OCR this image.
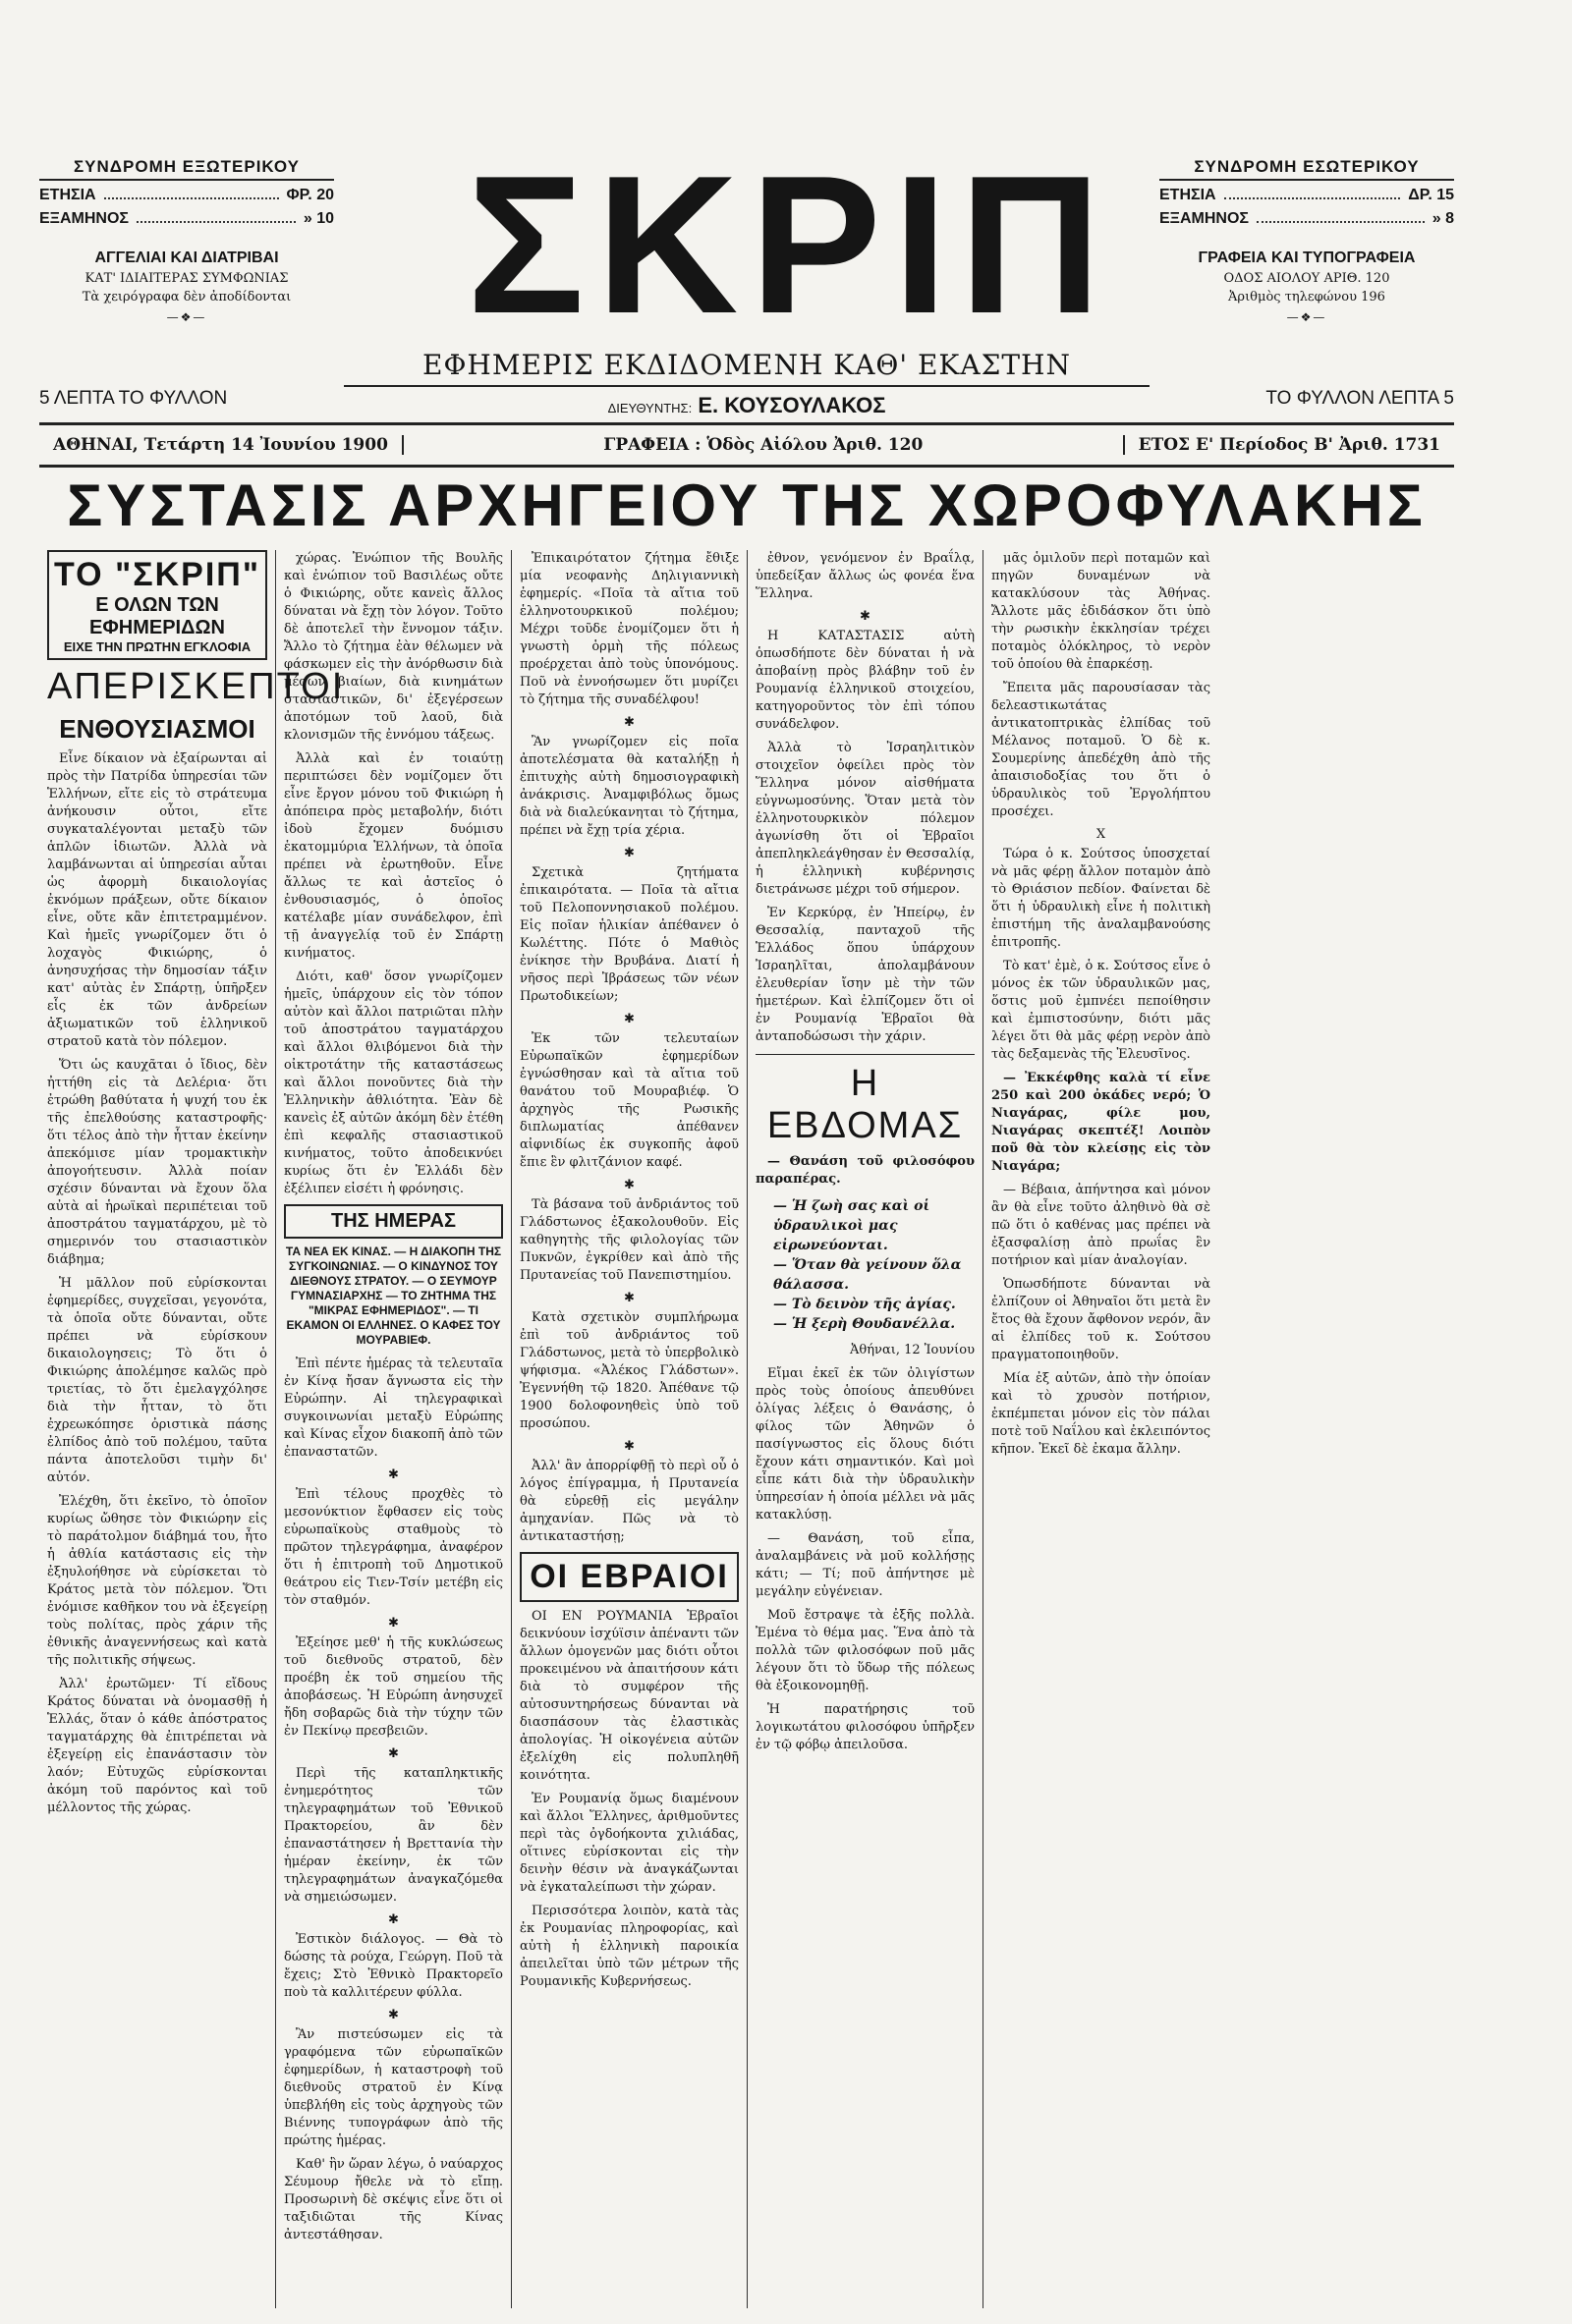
ΣΥΝΔΡΟΜΗ ΕΞΩΤΕΡΙΚΟΥ
ΕΤΗΣΙΑ	ΦΡ. 20
ΕΞΑΜΗΝΟΣ	» 10
ΑΓΓΕΛΙΑΙ ΚΑΙ ΔΙΑΤΡΙΒΑΙ
ΚΑΤ' ΙΔΙΑΙΤΕΡΑΣ ΣΥΜΦΩΝΙΑΣ
Τὰ χειρόγραφα δὲν ἀποδίδονται
—❖—
5 ΛΕΠΤΑ ΤΟ ΦΥΛΛΟΝ
ΣΚΡΙΠ
ΕΦΗΜΕΡΙΣ ΕΚΔΙΔΟΜΕΝΗ ΚΑΘ' ΕΚΑΣΤΗΝ
ΔΙΕΥΘΥΝΤΗΣ: Ε. ΚΟΥΣΟΥΛΑΚΟΣ
ΣΥΝΔΡΟΜΗ ΕΣΩΤΕΡΙΚΟΥ
ΕΤΗΣΙΑ	ΔΡ. 15
ΕΞΑΜΗΝΟΣ	» 8
ΓΡΑΦΕΙΑ ΚΑΙ ΤΥΠΟΓΡΑΦΕΙΑ
ΟΔΟΣ ΑΙΟΛΟΥ ΑΡΙΘ. 120
Ἀριθμὸς τηλεφώνου 196
—❖—
ΤΟ ΦΥΛΛΟΝ ΛΕΠΤΑ 5
ΑΘΗΝΑΙ, Τετάρτη 14 Ἰουνίου 1900	ΓΡΑΦΕΙΑ : Ὁδὸς Αἰόλου Ἀριθ. 120	ΕΤΟΣ Ε' Περίοδος Β' Ἀριθ. 1731
ΣΥΣΤΑΣΙΣ ΑΡΧΗΓΕΙΟΥ ΤΗΣ ΧΩΡΟΦΥΛΑΚΗΣ
ΤΟ "ΣΚΡΙΠ"
Ε ΟΛΩΝ ΤΩΝ ΕΦΗΜΕΡΙΔΩΝ
ΕΙΧΕ ΤΗΝ ΠΡΩΤΗΝ ΕΓΚΛΟΦΙΑ
ΑΠΕΡΙΣΚΕΠΤΟΙ
ΕΝΘΟΥΣΙΑΣΜΟΙ

Εἶνε δίκαιον νὰ ἐξαίρωνται αἱ πρὸς τὴν Πατρίδα ὑπηρεσίαι τῶν Ἑλλήνων, εἴτε εἰς τὸ στράτευμα ἀνήκουσιν οὗτοι, εἴτε συγκαταλέγονται μεταξὺ τῶν ἁπλῶν ἰδιωτῶν. Ἀλλὰ νὰ λαμβάνωνται αἱ ὑπηρεσίαι αὗται ὡς ἀφορμὴ δικαιολογίας ἐκνόμων πράξεων, οὔτε δίκαιον εἶνε, οὔτε κἂν ἐπιτετραμμένον. Καὶ ἡμεῖς γνωρίζομεν ὅτι ὁ λοχαγὸς Φικιώρης, ὁ ἀνησυχήσας τὴν δημοσίαν τάξιν κατ' αὐτὰς ἐν Σπάρτῃ, ὑπῆρξεν εἷς ἐκ τῶν ἀνδρείων ἀξιωματικῶν τοῦ ἑλληνικοῦ στρατοῦ κατὰ τὸν πόλεμον.

Ὅτι ὡς καυχᾶται ὁ ἴδιος, δὲν ἠττήθη εἰς τὰ Δελέρια· ὅτι ἐτρώθη βαθύτατα ἡ ψυχή του ἐκ τῆς ἐπελθούσης καταστροφῆς· ὅτι τέλος ἀπὸ τὴν ἧτταν ἐκείνην ἀπεκόμισε μίαν τρομακτικὴν ἀπογοήτευσιν. Ἀλλὰ ποίαν σχέσιν δύνανται νὰ ἔχουν ὅλα αὐτὰ αἱ ἡρωϊκαὶ περιπέτειαι τοῦ ἀποστράτου ταγματάρχου, μὲ τὸ σημερινόν του στασιαστικὸν διάβημα;

Ἡ μᾶλλον ποῦ εὑρίσκονται ἐφημερίδες, συγχεῖσαι, γεγονότα, τὰ ὁποῖα οὔτε δύνανται, οὔτε πρέπει νὰ εὑρίσκουν δικαιολογησεις; Τὸ ὅτι ὁ Φικιώρης ἀπολέμησε καλῶς πρὸ τριετίας, τὸ ὅτι ἐμελαγχόλησε διὰ τὴν ἧτταν, τὸ ὅτι ἐχρεωκόπησε ὀριστικὰ πάσης ἐλπίδος ἀπὸ τοῦ πολέμου, ταῦτα πάντα ἀποτελοῦσι τιμὴν δι' αὐτόν.

Ἐλέχθη, ὅτι ἐκεῖνο, τὸ ὁποῖον κυρίως ὤθησε τὸν Φικιώρην εἰς τὸ παράτολμον διάβημά του, ἦτο ἡ ἀθλία κατάστασις εἰς τὴν ἐξηυλοήθησε νὰ εὑρίσκεται τὸ Κράτος μετὰ τὸν πόλεμον. Ὅτι ἐνόμισε καθῆκον του νὰ ἐξεγείρῃ τοὺς πολίτας, πρὸς χάριν τῆς ἐθνικῆς ἀναγεννήσεως καὶ κατὰ τῆς πολιτικῆς σήψεως.

Ἀλλ' ἐρωτῶμεν· Τί εἴδους Κράτος δύναται νὰ ὀνομασθῇ ἡ Ἑλλάς, ὅταν ὁ κάθε ἀπόστρατος ταγματάρχης θὰ ἐπιτρέπεται νὰ ἐξεγείρῃ εἰς ἐπανάστασιν τὸν λαόν; Εὐτυχῶς εὑρίσκονται ἀκόμη τοῦ παρόντος καὶ τοῦ μέλλοντος τῆς χώρας.

χώρας. Ἐνώπιον τῆς Βουλῆς καὶ ἐνώπιον τοῦ Βασιλέως οὔτε ὁ Φικιώρης, οὔτε κανεὶς ἄλλος δύναται νὰ ἔχῃ τὸν λόγον. Τοῦτο δὲ ἀποτελεῖ τὴν ἔννομον τάξιν. Ἄλλο τὸ ζήτημα ἐὰν θέλωμεν νὰ φάσκωμεν εἰς τὴν ἀνόρθωσιν διὰ μέσων βιαίων, διὰ κινημάτων στασιαστικῶν, δι' ἐξεγέρσεων ἀποτόμων τοῦ λαοῦ, διὰ κλονισμῶν τῆς ἐννόμου τάξεως.

Ἀλλὰ καὶ ἐν τοιαύτῃ περιπτώσει δὲν νομίζομεν ὅτι εἶνε ἔργον μόνου τοῦ Φικιώρη ἡ ἀπόπειρα πρὸς μεταβολήν, διότι ἰδοὺ ἔχομεν δυόμισυ ἑκατομμύρια Ἑλλήνων, τὰ ὁποῖα πρέπει νὰ ἐρωτηθοῦν. Εἶνε ἄλλως τε καὶ ἀστεῖος ὁ ἐνθουσιασμός, ὁ ὁποῖος κατέλαβε μίαν συνάδελφον, ἐπὶ τῇ ἀναγγελίᾳ τοῦ ἐν Σπάρτῃ κινήματος.

Διότι, καθ' ὅσον γνωρίζομεν ἡμεῖς, ὑπάρχουν εἰς τὸν τόπον αὐτὸν καὶ ἄλλοι πατριῶται πλὴν τοῦ ἀποστράτου ταγματάρχου καὶ ἄλλοι θλιβόμενοι διὰ τὴν οἰκτροτάτην τῆς καταστάσεως καὶ ἄλλοι πονοῦντες διὰ τὴν Ἑλληνικὴν ἀθλιότητα. Ἐὰν δὲ κανεὶς ἐξ αὐτῶν ἀκόμη δὲν ἐτέθη ἐπὶ κεφαλῆς στασιαστικοῦ κινήματος, τοῦτο ἀποδεικνύει κυρίως ὅτι ἐν Ἑλλάδι δὲν ἐξέλιπεν εἰσέτι ἡ φρόνησις.

ΤΗΣ ΗΜΕΡΑΣ
ΤΑ ΝΕΑ ΕΚ ΚΙΝΑΣ. — Η ΔΙΑΚΟΠΗ ΤΗΣ ΣΥΓΚΟΙΝΩΝΙΑΣ. — Ο ΚΙΝΔΥΝΟΣ ΤΟΥ ΔΙΕΘΝΟΥΣ ΣΤΡΑΤΟΥ. — Ο ΣΕΥΜΟΥΡ ΓΥΜΝΑΣΙΑΡΧΗΣ — ΤΟ ΖΗΤΗΜΑ ΤΗΣ "ΜΙΚΡΑΣ ΕΦΗΜΕΡΙΔΟΣ". — ΤΙ ΕΚΑΜΟΝ ΟΙ ΕΛΛΗΝΕΣ. Ο ΚΑΦΕΣ ΤΟΥ ΜΟΥΡΑΒΙΕΦ.

Ἐπὶ πέντε ἡμέρας τὰ τελευταῖα ἐν Κίνᾳ ἤσαν ἄγνωστα εἰς τὴν Εὐρώπην. Αἱ τηλεγραφικαὶ συγκοινωνίαι μεταξὺ Εὐρώπης καὶ Κίνας εἶχον διακοπῆ ἀπὸ τῶν ἐπαναστατῶν.

✱

Ἐπὶ τέλους προχθὲς τὸ μεσονύκτιον ἔφθασεν εἰς τοὺς εὐρωπαϊκοὺς σταθμοὺς τὸ πρῶτον τηλεγράφημα, ἀναφέρον ὅτι ἡ ἐπιτροπὴ τοῦ Δημοτικοῦ θεάτρου εἰς Τιεν-Τσίν μετέβη εἰς τὸν σταθμόν.

✱

Ἐξείησε μεθ' ἡ τῆς κυκλώσεως τοῦ διεθνοῦς στρατοῦ, δὲν προέβη ἐκ τοῦ σημείου τῆς ἀποβάσεως. Ἡ Εὐρώπη ἀνησυχεῖ ἤδη σοβαρῶς διὰ τὴν τύχην τῶν ἐν Πεκίνῳ πρεσβειῶν.

✱

Περὶ τῆς καταπληκτικῆς ἐνημερότητος τῶν τηλεγραφημάτων τοῦ Ἐθνικοῦ Πρακτορείου, ἂν δὲν ἐπαναστάτησεν ἡ Βρεττανία τὴν ἡμέραν ἐκείνην, ἐκ τῶν τηλεγραφημάτων ἀναγκαζόμεθα νὰ σημειώσωμεν.

✱

Ἐστικὸν διάλογος. — Θὰ τὸ δώσης τὰ ρούχα, Γεώργη. Ποῦ τὰ ἔχεις; Στὸ Ἐθνικὸ Πρακτορεῖο ποὺ τὰ καλλιτέρευν φύλλα.

✱

Ἂν πιστεύσωμεν εἰς τὰ γραφόμενα τῶν εὐρωπαϊκῶν ἐφημερίδων, ἡ καταστροφὴ τοῦ διεθνοῦς στρατοῦ ἐν Κίνᾳ ὑπεβλήθη εἰς τοὺς ἀρχηγοὺς τῶν Βιέννης τυπογράφων ἀπὸ τῆς πρώτης ἡμέρας.

Καθ' ἣν ὥραν λέγω, ὁ ναύαρχος Σέυμουρ ἤθελε νὰ τὸ εἴπῃ. Προσωρινὴ δὲ σκέψις εἶνε ὅτι οἱ ταξιδιῶται τῆς Κίνας ἀντεστάθησαν.

Ἐπικαιρότατον ζήτημα ἔθιξε μία νεοφανὴς Δηλιγιαννικὴ ἐφημερίς. «Ποῖα τὰ αἴτια τοῦ ἑλληνοτουρκικοῦ πολέμου; Μέχρι τοῦδε ἐνομίζομεν ὅτι ἡ γνωστὴ ὁρμὴ τῆς πόλεως προέρχεται ἀπὸ τοὺς ὑπονόμους. Ποῦ νὰ ἐννοήσωμεν ὅτι μυρίζει τὸ ζήτημα τῆς συναδέλφου!

✱

Ἂν γνωρίζομεν εἰς ποῖα ἀποτελέσματα θὰ καταλήξῃ ἡ ἐπιτυχὴς αὐτὴ δημοσιογραφικὴ ἀνάκρισις. Ἀναμφιβόλως ὅμως διὰ νὰ διαλεύκανηται τὸ ζήτημα, πρέπει νὰ ἔχῃ τρία χέρια.

✱

Σχετικὰ ζητήματα ἐπικαιρότατα. — Ποῖα τὰ αἴτια τοῦ Πελοποννησιακοῦ πολέμου. Εἰς ποῖαν ἡλικίαν ἀπέθανεν ὁ Κωλέττης. Πότε ὁ Μαθιὸς ἐνίκησε τὴν Βρυβάνα. Διατί ἡ νῆσος περὶ Ἰβράσεως τῶν νέων Πρωτοδικείων;

✱

Ἐκ τῶν τελευταίων Εὐρωπαϊκῶν ἐφημερίδων ἐγνώσθησαν καὶ τὰ αἴτια τοῦ θανάτου τοῦ Μουραβιέφ. Ὁ ἀρχηγὸς τῆς Ρωσικῆς διπλωματίας ἀπέθανεν αἰφνιδίως ἐκ συγκοπῆς ἀφοῦ ἔπιε ἓν φλιτζάνιον καφέ.

✱

Τὰ βάσανα τοῦ ἀνδριάντος τοῦ Γλάδστωνος ἐξακολουθοῦν. Εἰς καθηγητὴς τῆς φιλολογίας τῶν Πυκνῶν, ἐγκρίθεν καὶ ἀπὸ τῆς Πρυτανείας τοῦ Πανεπιστημίου.

✱

Κατὰ σχετικὸν συμπλήρωμα ἐπὶ τοῦ ἀνδριάντος τοῦ Γλάδστωνος, μετὰ τὸ ὑπερβολικὸ ψήφισμα. «Ἀλέκος Γλάδστων». Ἐγεννήθη τῷ 1820. Ἀπέθανε τῷ 1900 δολοφονηθεὶς ὑπὸ τοῦ προσώπου.

✱

Ἀλλ' ἂν ἀπορρίφθῇ τὸ περὶ οὗ ὁ λόγος ἐπίγραμμα, ἡ Πρυτανεία θὰ εὑρεθῇ εἰς μεγάλην ἀμηχανίαν. Πῶς νὰ τὸ ἀντικαταστήσῃ;

ΟΙ ΕΒΡΑΙΟΙ

ΟΙ ΕΝ ΡΟΥΜΑΝΙΑ Ἑβραῖοι δεικνύουν ἰσχύϊσιν ἀπέναντι τῶν ἄλλων ὁμογενῶν μας διότι οὗτοι προκειμένου νὰ ἀπαιτήσουν κάτι διὰ τὸ συμφέρον τῆς αὐτοσυντηρήσεως δύνανται νὰ διασπάσουν τὰς ἐλαστικὰς ἀπολογίας. Ἡ οἰκογένεια αὐτῶν ἐξελίχθη εἰς πολυπληθῆ κοινότητα.

Ἐν Ρουμανίᾳ ὅμως διαμένουν καὶ ἄλλοι Ἕλληνες, ἀριθμοῦντες περὶ τὰς ὀγδοήκοντα χιλιάδας, οἵτινες εὑρίσκονται εἰς τὴν δεινὴν θέσιν νὰ ἀναγκάζωνται νὰ ἐγκαταλείπωσι τὴν χώραν.

Περισσότερα λοιπὸν, κατὰ τὰς ἐκ Ρουμανίας πληροφορίας, καὶ αὐτὴ ἡ ἑλληνικὴ παροικία ἀπειλεῖται ὑπὸ τῶν μέτρων τῆς Ρουμανικῆς Κυβερνήσεως.

ἐθνον, γενόμενον ἐν Βραΐλᾳ, ὑπεδείξαν ἄλλως ὡς φονέα ἕνα Ἕλληνα.

✱

Η ΚΑΤΑΣΤΑΣΙΣ αὐτὴ ὁπωσδήποτε δὲν δύναται ἡ νὰ ἀποβαίνῃ πρὸς βλάβην τοῦ ἐν Ρουμανίᾳ ἑλληνικοῦ στοιχείου, κατηγοροῦντος τὸν ἐπὶ τόπου συνάδελφον.

Ἀλλὰ τὸ Ἰσραηλιτικὸν στοιχεῖον ὀφείλει πρὸς τὸν Ἕλληνα μόνον αἰσθήματα εὐγνωμοσύνης. Ὅταν μετὰ τὸν ἑλληνοτουρκικὸν πόλεμον ἀγωνίσθη ὅτι οἱ Ἑβραῖοι ἀπεπληκλεάγθησαν ἐν Θεσσαλίᾳ, ἡ ἑλληνικὴ κυβέρνησις διετράνωσε μέχρι τοῦ σήμερον.

Ἐν Κερκύρᾳ, ἐν Ἠπείρῳ, ἐν Θεσσαλίᾳ, πανταχοῦ τῆς Ἑλλάδος ὅπου ὑπάρχουν Ἰσραηλῖται, ἀπολαμβάνουν ἐλευθερίαν ἴσην μὲ τὴν τῶν ἡμετέρων. Καὶ ἐλπίζομεν ὅτι οἱ ἐν Ρουμανίᾳ Ἑβραῖοι θὰ ἀνταποδώσωσι τὴν χάριν.

Η ΕΒΔΟΜΑΣ

— Θανάση τοῦ φιλοσόφου παραπέρας.

— Ἡ ζωὴ σας καὶ οἱ ὑδραυλικοὶ μας εἰρωνεύονται.
— Ὅταν θὰ γείνουν ὅλα θάλασσα.
— Τὸ δεινὸν τῆς ἀγίας.
— Ἡ ξερὴ Θουδανέλλα.

Ἀθήναι, 12 Ἰουνίου

Εἴμαι ἐκεῖ ἐκ τῶν ὀλιγίστων πρὸς τοὺς ὁποίους ἀπευθύνει ὀλίγας λέξεις ὁ Θανάσης, ὁ φίλος τῶν Ἀθηνῶν ὁ πασίγνωστος εἰς ὅλους διότι ἔχουν κάτι σημαντικόν. Καὶ μοὶ εἶπε κάτι διὰ τὴν ὑδραυλικὴν ὑπηρεσίαν ἡ ὁποία μέλλει νὰ μᾶς κατακλύσῃ.

— Θανάση, τοῦ εἶπα, ἀναλαμβάνεις νὰ μοῦ κολλήσῃς κάτι; — Τί; ποῦ ἀπήντησε μὲ μεγάλην εὐγένειαν.

Μοῦ ἔστραψε τὰ ἐξῆς πολλὰ. Ἐμένα τὸ θέμα μας. Ἕνα ἀπὸ τὰ πολλὰ τῶν φιλοσόφων ποῦ μᾶς λέγουν ὅτι τὸ ὕδωρ τῆς πόλεως θὰ ἐξοικονομηθῇ.

Ἡ παρατήρησις τοῦ λογικωτάτου φιλοσόφου ὑπῆρξεν ἐν τῷ φόβῳ ἀπειλοῦσα.

μᾶς ὁμιλοῦν περὶ ποταμῶν καὶ πηγῶν δυναμένων νὰ κατακλύσουν τὰς Ἀθήνας. Ἄλλοτε μᾶς ἐδιδάσκον ὅτι ὑπὸ τὴν ρωσικὴν ἐκκλησίαν τρέχει ποταμὸς ὁλόκληρος, τὸ νερὸν τοῦ ὁποίου θὰ ἐπαρκέσῃ.

Ἔπειτα μᾶς παρουσίασαν τὰς δελεαστικωτάτας ἀντικατοπτρικὰς ἐλπίδας τοῦ Μέλανος ποταμοῦ. Ὁ δὲ κ. Σουμερίνης ἀπεδέχθη ἀπὸ τῆς ἀπαισιοδοξίας του ὅτι ὁ ὑδραυλικὸς τοῦ Ἐργολήπτου προσέχει.

Χ

Τώρα ὁ κ. Σούτσος ὑποσχεταί νὰ μᾶς φέρῃ ἄλλον ποταμὸν ἀπὸ τὸ Θριάσιον πεδίον. Φαίνεται δὲ ὅτι ἡ ὑδραυλικὴ εἶνε ἡ πολιτικὴ ἐπιστήμη τῆς ἀναλαμβανούσης ἐπιτροπῆς.

Τὸ κατ' ἐμὲ, ὁ κ. Σούτσος εἶνε ὁ μόνος ἐκ τῶν ὑδραυλικῶν μας, ὅστις μοῦ ἐμπνέει πεποίθησιν καὶ ἐμπιστοσύνην, διότι μᾶς λέγει ὅτι θὰ μᾶς φέρῃ νερὸν ἀπὸ τὰς δεξαμενὰς τῆς Ἐλευσῖνος.

— Ἐκκέφθης καλὰ τί εἶνε 250 καὶ 200 ὀκάδες νερό; Ὁ Νιαγάρας, φίλε μου, Νιαγάρας σκεπτέξ! Λοιπὸν ποῦ θὰ τὸν κλείσῃς εἰς τὸν Νιαγάρα;

— Βέβαια, ἀπήντησα καὶ μόνον ἂν θὰ εἶνε τοῦτο ἀληθινὸ θὰ σὲ πῶ ὅτι ὁ καθένας μας πρέπει νὰ ἐξασφαλίσῃ ἀπὸ πρωΐας ἓν ποτήριον καὶ μίαν ἀναλογίαν.

Ὁπωσδήποτε δύνανται νὰ ἐλπίζουν οἱ Ἀθηναῖοι ὅτι μετὰ ἓν ἔτος θὰ ἔχουν ἄφθονον νερόν, ἂν αἱ ἐλπίδες τοῦ κ. Σούτσου πραγματοποιηθοῦν.

Μία ἐξ αὐτῶν, ἀπὸ τὴν ὁποίαν καὶ τὸ χρυσὸν ποτήριον, ἐκπέμπεται μόνον εἰς τὸν πάλαι ποτὲ τοῦ Ναΐλου καὶ ἐκλειπόντος κῆπον. Ἐκεῖ δὲ ἐκαμα ἄλλην.
